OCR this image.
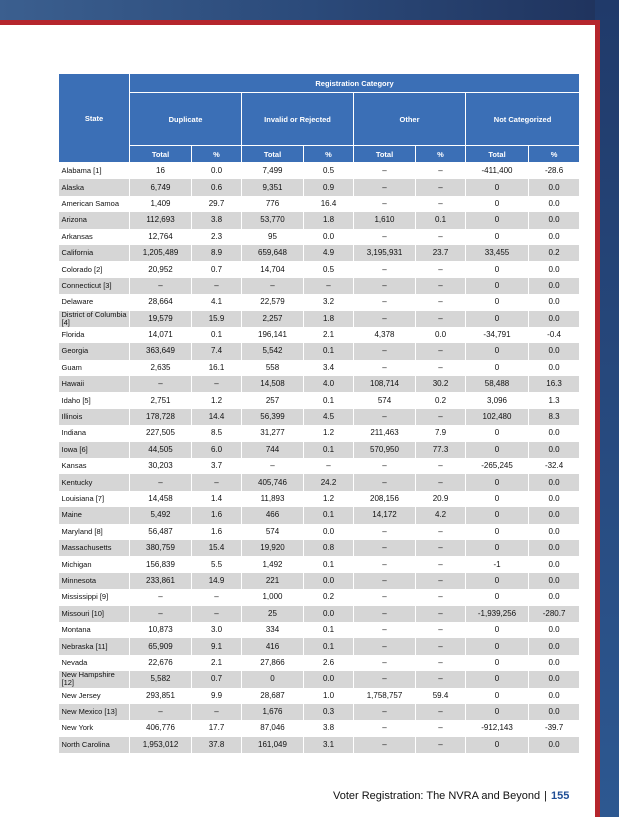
State	Registration Category							
	Duplicate		Invalid or Rejected		Other		Not Categorized	
	Total	%	Total	%	Total	%	Total	%
Alabama [1]	16	0.0	7,499	0.5	–	–	-411,400	-28.6
Alaska	6,749	0.6	9,351	0.9	–	–	0	0.0
American Samoa	1,409	29.7	776	16.4	–	–	0	0.0
Arizona	112,693	3.8	53,770	1.8	1,610	0.1	0	0.0
Arkansas	12,764	2.3	95	0.0	–	–	0	0.0
California	1,205,489	8.9	659,648	4.9	3,195,931	23.7	33,455	0.2
Colorado [2]	20,952	0.7	14,704	0.5	–	–	0	0.0
Connecticut [3]	–	–	–	–	–	–	0	0.0
Delaware	28,664	4.1	22,579	3.2	–	–	0	0.0
District of Columbia [4]	19,579	15.9	2,257	1.8	–	–	0	0.0
Florida	14,071	0.1	196,141	2.1	4,378	0.0	-34,791	-0.4
Georgia	363,649	7.4	5,542	0.1	–	–	0	0.0
Guam	2,635	16.1	558	3.4	–	–	0	0.0
Hawaii	–	–	14,508	4.0	108,714	30.2	58,488	16.3
Idaho [5]	2,751	1.2	257	0.1	574	0.2	3,096	1.3
Illinois	178,728	14.4	56,399	4.5	–	–	102,480	8.3
Indiana	227,505	8.5	31,277	1.2	211,463	7.9	0	0.0
Iowa [6]	44,505	6.0	744	0.1	570,950	77.3	0	0.0
Kansas	30,203	3.7	–	–	–	–	-265,245	-32.4
Kentucky	–	–	405,746	24.2	–	–	0	0.0
Louisiana [7]	14,458	1.4	11,893	1.2	208,156	20.9	0	0.0
Maine	5,492	1.6	466	0.1	14,172	4.2	0	0.0
Maryland [8]	56,487	1.6	574	0.0	–	–	0	0.0
Massachusetts	380,759	15.4	19,920	0.8	–	–	0	0.0
Michigan	156,839	5.5	1,492	0.1	–	–	-1	0.0
Minnesota	233,861	14.9	221	0.0	–	–	0	0.0
Mississippi [9]	–	–	1,000	0.2	–	–	0	0.0
Missouri [10]	–	–	25	0.0	–	–	-1,939,256	-280.7
Montana	10,873	3.0	334	0.1	–	–	0	0.0
Nebraska [11]	65,909	9.1	416	0.1	–	–	0	0.0
Nevada	22,676	2.1	27,866	2.6	–	–	0	0.0
New Hampshire [12]	5,582	0.7	0	0.0	–	–	0	0.0
New Jersey	293,851	9.9	28,687	1.0	1,758,757	59.4	0	0.0
New Mexico [13]	–	–	1,676	0.3	–	–	0	0.0
New York	406,776	17.7	87,046	3.8	–	–	-912,143	-39.7
North Carolina	1,953,012	37.8	161,049	3.1	–	–	0	0.0
Voter Registration: The NVRA and Beyond | 155
